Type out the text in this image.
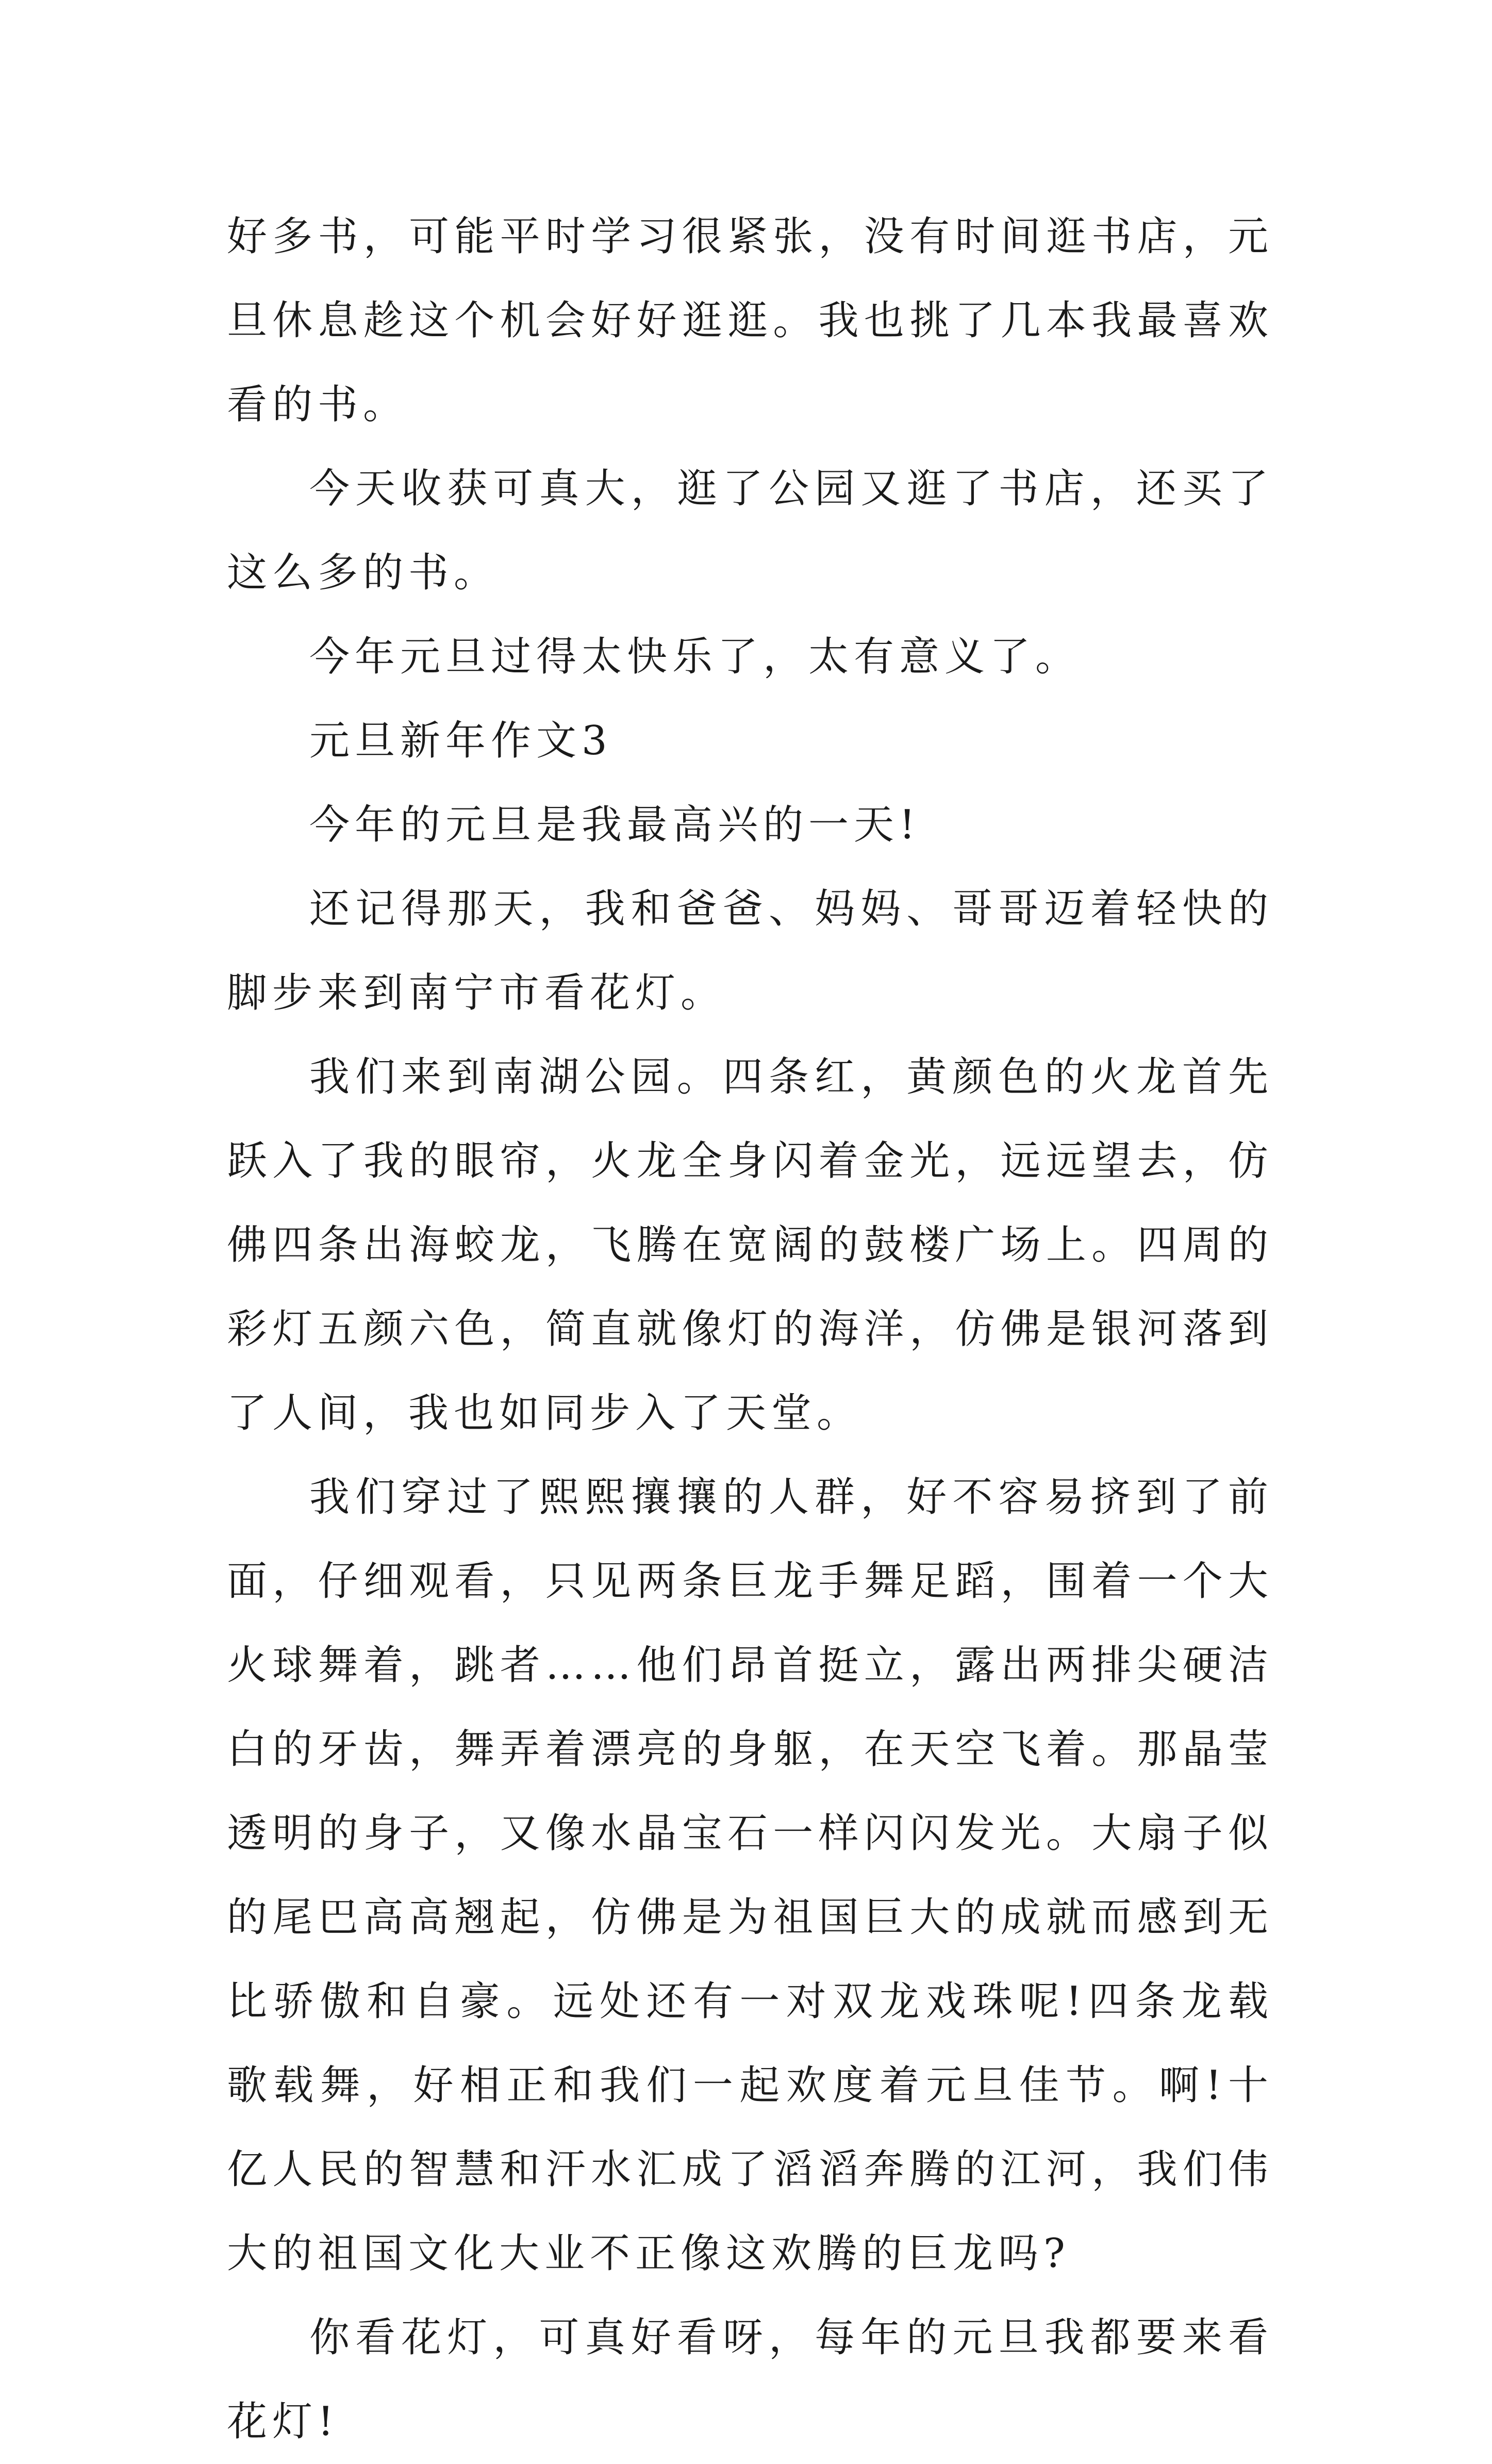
好多书，可能平时学习很紧张，没有时间逛书店，元旦休息趁这个机会好好逛逛。我也挑了几本我最喜欢看的书。

今天收获可真大，逛了公园又逛了书店，还买了这么多的书。

今年元旦过得太快乐了，太有意义了。

元旦新年作文3

今年的元旦是我最高兴的一天!

还记得那天，我和爸爸、妈妈、哥哥迈着轻快的脚步来到南宁市看花灯。

我们来到南湖公园。四条红，黄颜色的火龙首先跃入了我的眼帘，火龙全身闪着金光，远远望去，仿佛四条出海蛟龙，飞腾在宽阔的鼓楼广场上。四周的彩灯五颜六色，简直就像灯的海洋，仿佛是银河落到了人间，我也如同步入了天堂。

我们穿过了熙熙攘攘的人群，好不容易挤到了前面，仔细观看，只见两条巨龙手舞足蹈，围着一个大火球舞着，跳者……他们昂首挺立，露出两排尖硬洁白的牙齿，舞弄着漂亮的身躯，在天空飞着。那晶莹透明的身子，又像水晶宝石一样闪闪发光。大扇子似的尾巴高高翘起，仿佛是为祖国巨大的成就而感到无比骄傲和自豪。远处还有一对双龙戏珠呢!四条龙载歌载舞，好相正和我们一起欢度着元旦佳节。啊!十亿人民的智慧和汗水汇成了滔滔奔腾的江河，我们伟大的祖国文化大业不正像这欢腾的巨龙吗?

你看花灯，可真好看呀，每年的元旦我都要来看花灯!
